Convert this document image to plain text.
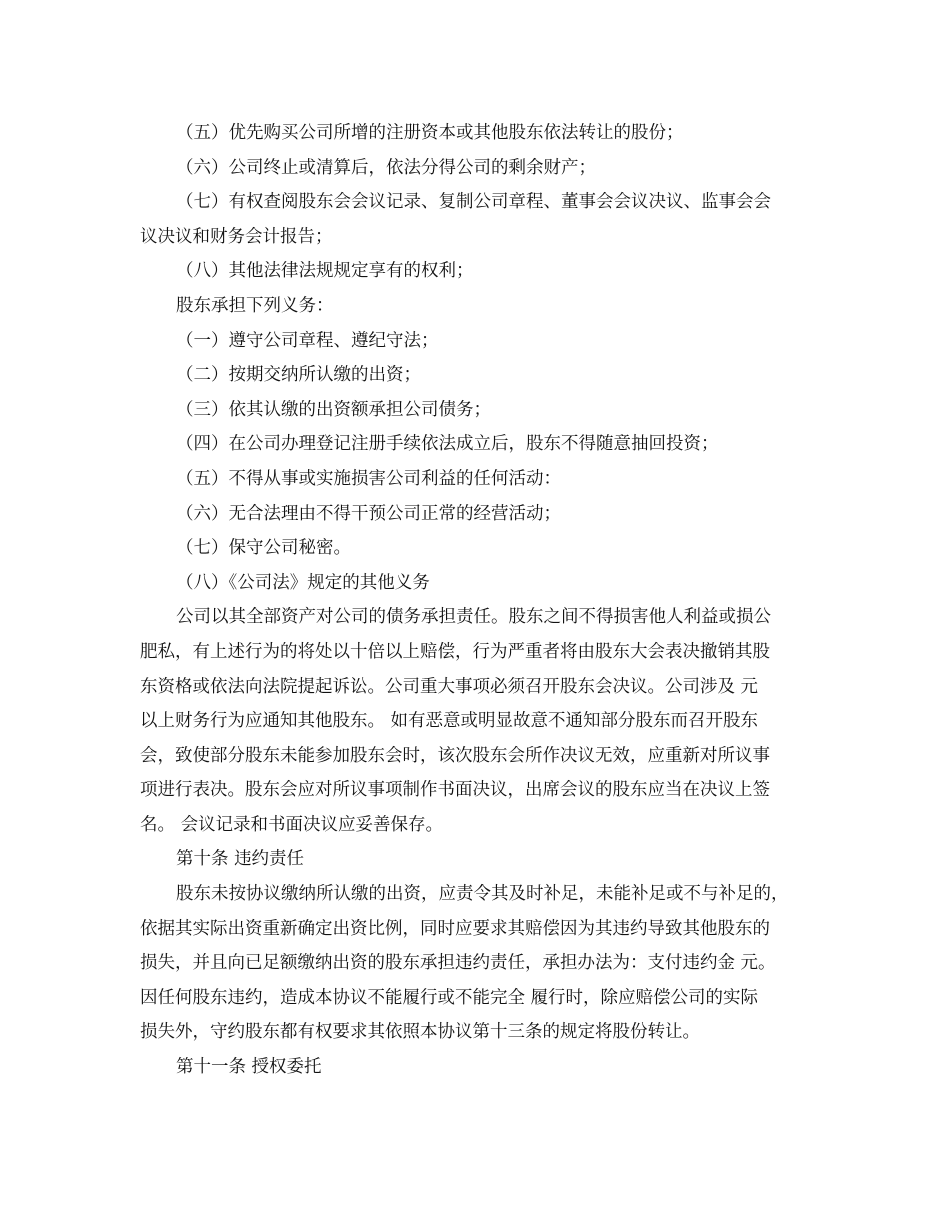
（五）优先购买公司所增的注册资本或其他股东依法转让的股份；

（六）公司终止或清算后，依法分得公司的剩余财产；

（七）有权查阅股东会会议记录、复制公司章程、董事会会议决议、监事会会

议决议和财务会计报告；

（八）其他法律法规规定享有的权利；

股东承担下列义务：

（一）遵守公司章程、遵纪守法；

（二）按期交纳所认缴的出资；

（三）依其认缴的出资额承担公司债务；

（四）在公司办理登记注册手续依法成立后，股东不得随意抽回投资；

（五）不得从事或实施损害公司利益的任何活动：

（六）无合法理由不得干预公司正常的经营活动；

（七）保守公司秘密。

（八）《公司法》规定的其他义务

公司以其全部资产对公司的债务承担责任。股东之间不得损害他人利益或损公

肥私，有上述行为的将处以十倍以上赔偿，行为严重者将由股东大会表决撤销其股

东资格或依法向法院提起诉讼。公司重大事项必须召开股东会决议。公司涉及 元

以上财务行为应通知其他股东。 如有恶意或明显故意不通知部分股东而召开股东

会，致使部分股东未能参加股东会时，该次股东会所作决议无效，应重新对所议事

项进行表决。股东会应对所议事项制作书面决议，出席会议的股东应当在决议上签

名。 会议记录和书面决议应妥善保存。

第十条 违约责任

股东未按协议缴纳所认缴的出资，应责令其及时补足，未能补足或不与补足的，

依据其实际出资重新确定出资比例，同时应要求其赔偿因为其违约导致其他股东的

损失，并且向已足额缴纳出资的股东承担违约责任，承担办法为：支付违约金 元。

因任何股东违约，造成本协议不能履行或不能完全 履行时，除应赔偿公司的实际

损失外，守约股东都有权要求其依照本协议第十三条的规定将股份转让。

第十一条 授权委托
